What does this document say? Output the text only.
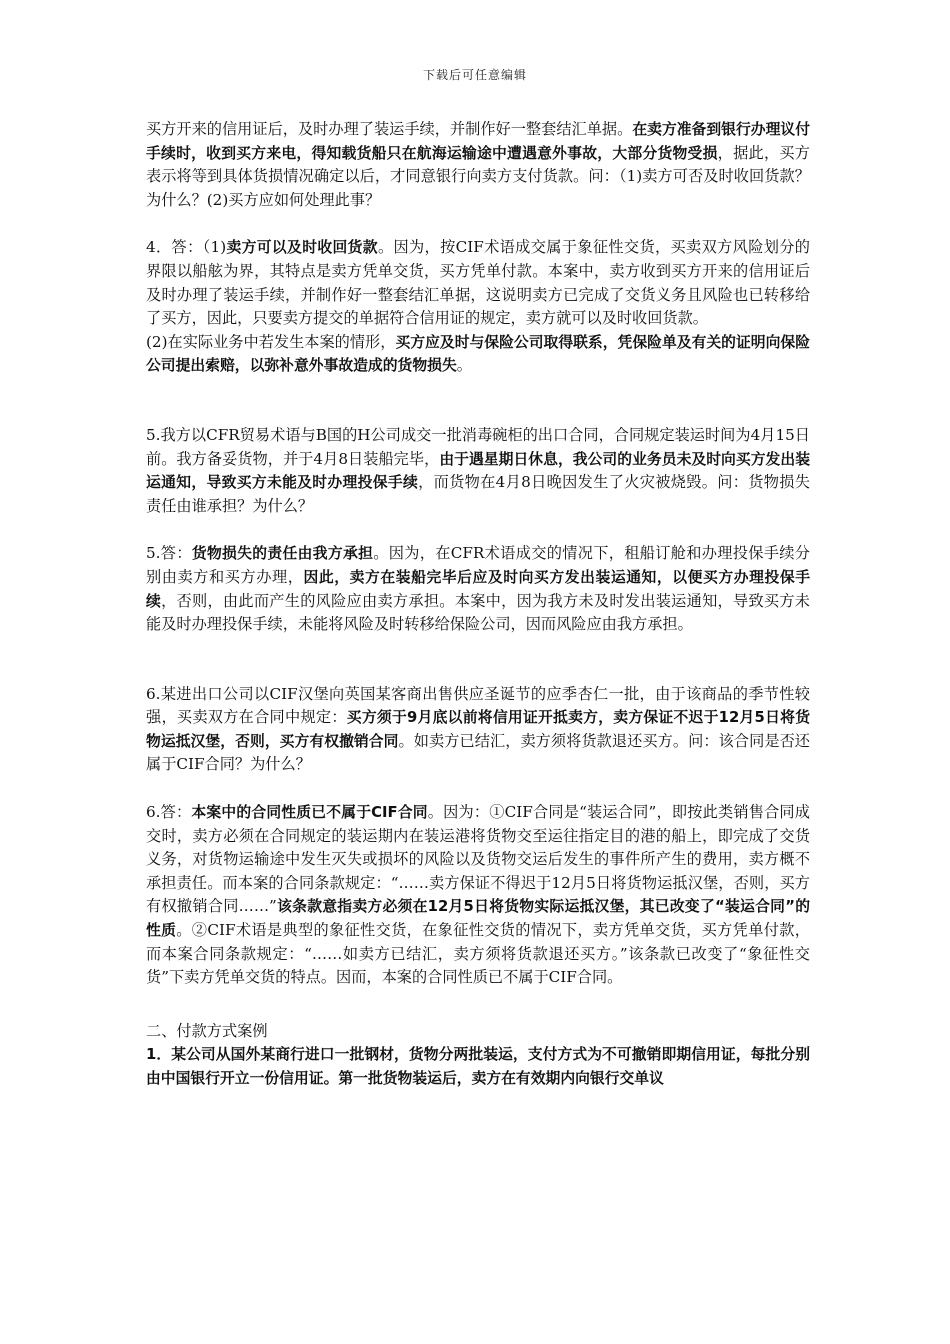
下载后可任意编辑

买方开来的信用证后，及时办理了装运手续，并制作好一整套结汇单据。在卖方准备到银行办理议付手续时，收到买方来电，得知载货船只在航海运输途中遭遇意外事故，大部分货物受损，据此，买方表示将等到具体货损情况确定以后，才同意银行向卖方支付货款。问：（1)卖方可否及时收回货款？为什么？(2)买方应如何处理此事？

4．答：（1)卖方可以及时收回货款。因为，按CIF术语成交属于象征性交货，买卖双方风险划分的界限以船舷为界，其特点是卖方凭单交货，买方凭单付款。本案中，卖方收到买方开来的信用证后及时办理了装运手续，并制作好一整套结汇单据，这说明卖方已完成了交货义务且风险也已转移给了买方，因此，只要卖方提交的单据符合信用证的规定，卖方就可以及时收回货款。

(2)在实际业务中若发生本案的情形，买方应及时与保险公司取得联系，凭保险单及有关的证明向保险公司提出索赔，以弥补意外事故造成的货物损失。

5.我方以CFR贸易术语与B国的H公司成交一批消毒碗柜的出口合同，合同规定装运时间为4月15日前。我方备妥货物，并于4月8日装船完毕，由于遇星期日休息，我公司的业务员未及时向买方发出装运通知，导致买方未能及时办理投保手续，而货物在4月8日晚因发生了火灾被烧毁。问：货物损失责任由谁承担？为什么？

5.答：货物损失的责任由我方承担。因为，在CFR术语成交的情况下，租船订舱和办理投保手续分别由卖方和买方办理，因此，卖方在装船完毕后应及时向买方发出装运通知，以便买方办理投保手续，否则，由此而产生的风险应由卖方承担。本案中，因为我方未及时发出装运通知，导致买方未能及时办理投保手续，未能将风险及时转移给保险公司，因而风险应由我方承担。

6.某进出口公司以CIF汉堡向英国某客商出售供应圣诞节的应季杏仁一批，由于该商品的季节性较强，买卖双方在合同中规定：买方须于9月底以前将信用证开抵卖方，卖方保证不迟于12月5日将货物运抵汉堡，否则，买方有权撤销合同。如卖方已结汇，卖方须将货款退还买方。问：该合同是否还属于CIF合同？为什么？

6.答：本案中的合同性质已不属于CIF合同。因为：①CIF合同是“装运合同”，即按此类销售合同成交时，卖方必须在合同规定的装运期内在装运港将货物交至运往指定目的港的船上，即完成了交货义务，对货物运输途中发生灭失或损坏的风险以及货物交运后发生的事件所产生的费用，卖方概不承担责任。而本案的合同条款规定：“……卖方保证不得迟于12月5日将货物运抵汉堡，否则，买方有权撤销合同……”该条款意指卖方必须在12月5日将货物实际运抵汉堡，其已改变了“装运合同”的性质。②CIF术语是典型的象征性交货，在象征性交货的情况下，卖方凭单交货，买方凭单付款，而本案合同条款规定：“……如卖方已结汇，卖方须将货款退还买方。”该条款已改变了“象征性交货”下卖方凭单交货的特点。因而，本案的合同性质已不属于CIF合同。

二、付款方式案例

1．某公司从国外某商行进口一批钢材，货物分两批装运，支付方式为不可撤销即期信用证，每批分别由中国银行开立一份信用证。第一批货物装运后，卖方在有效期内向银行交单议
